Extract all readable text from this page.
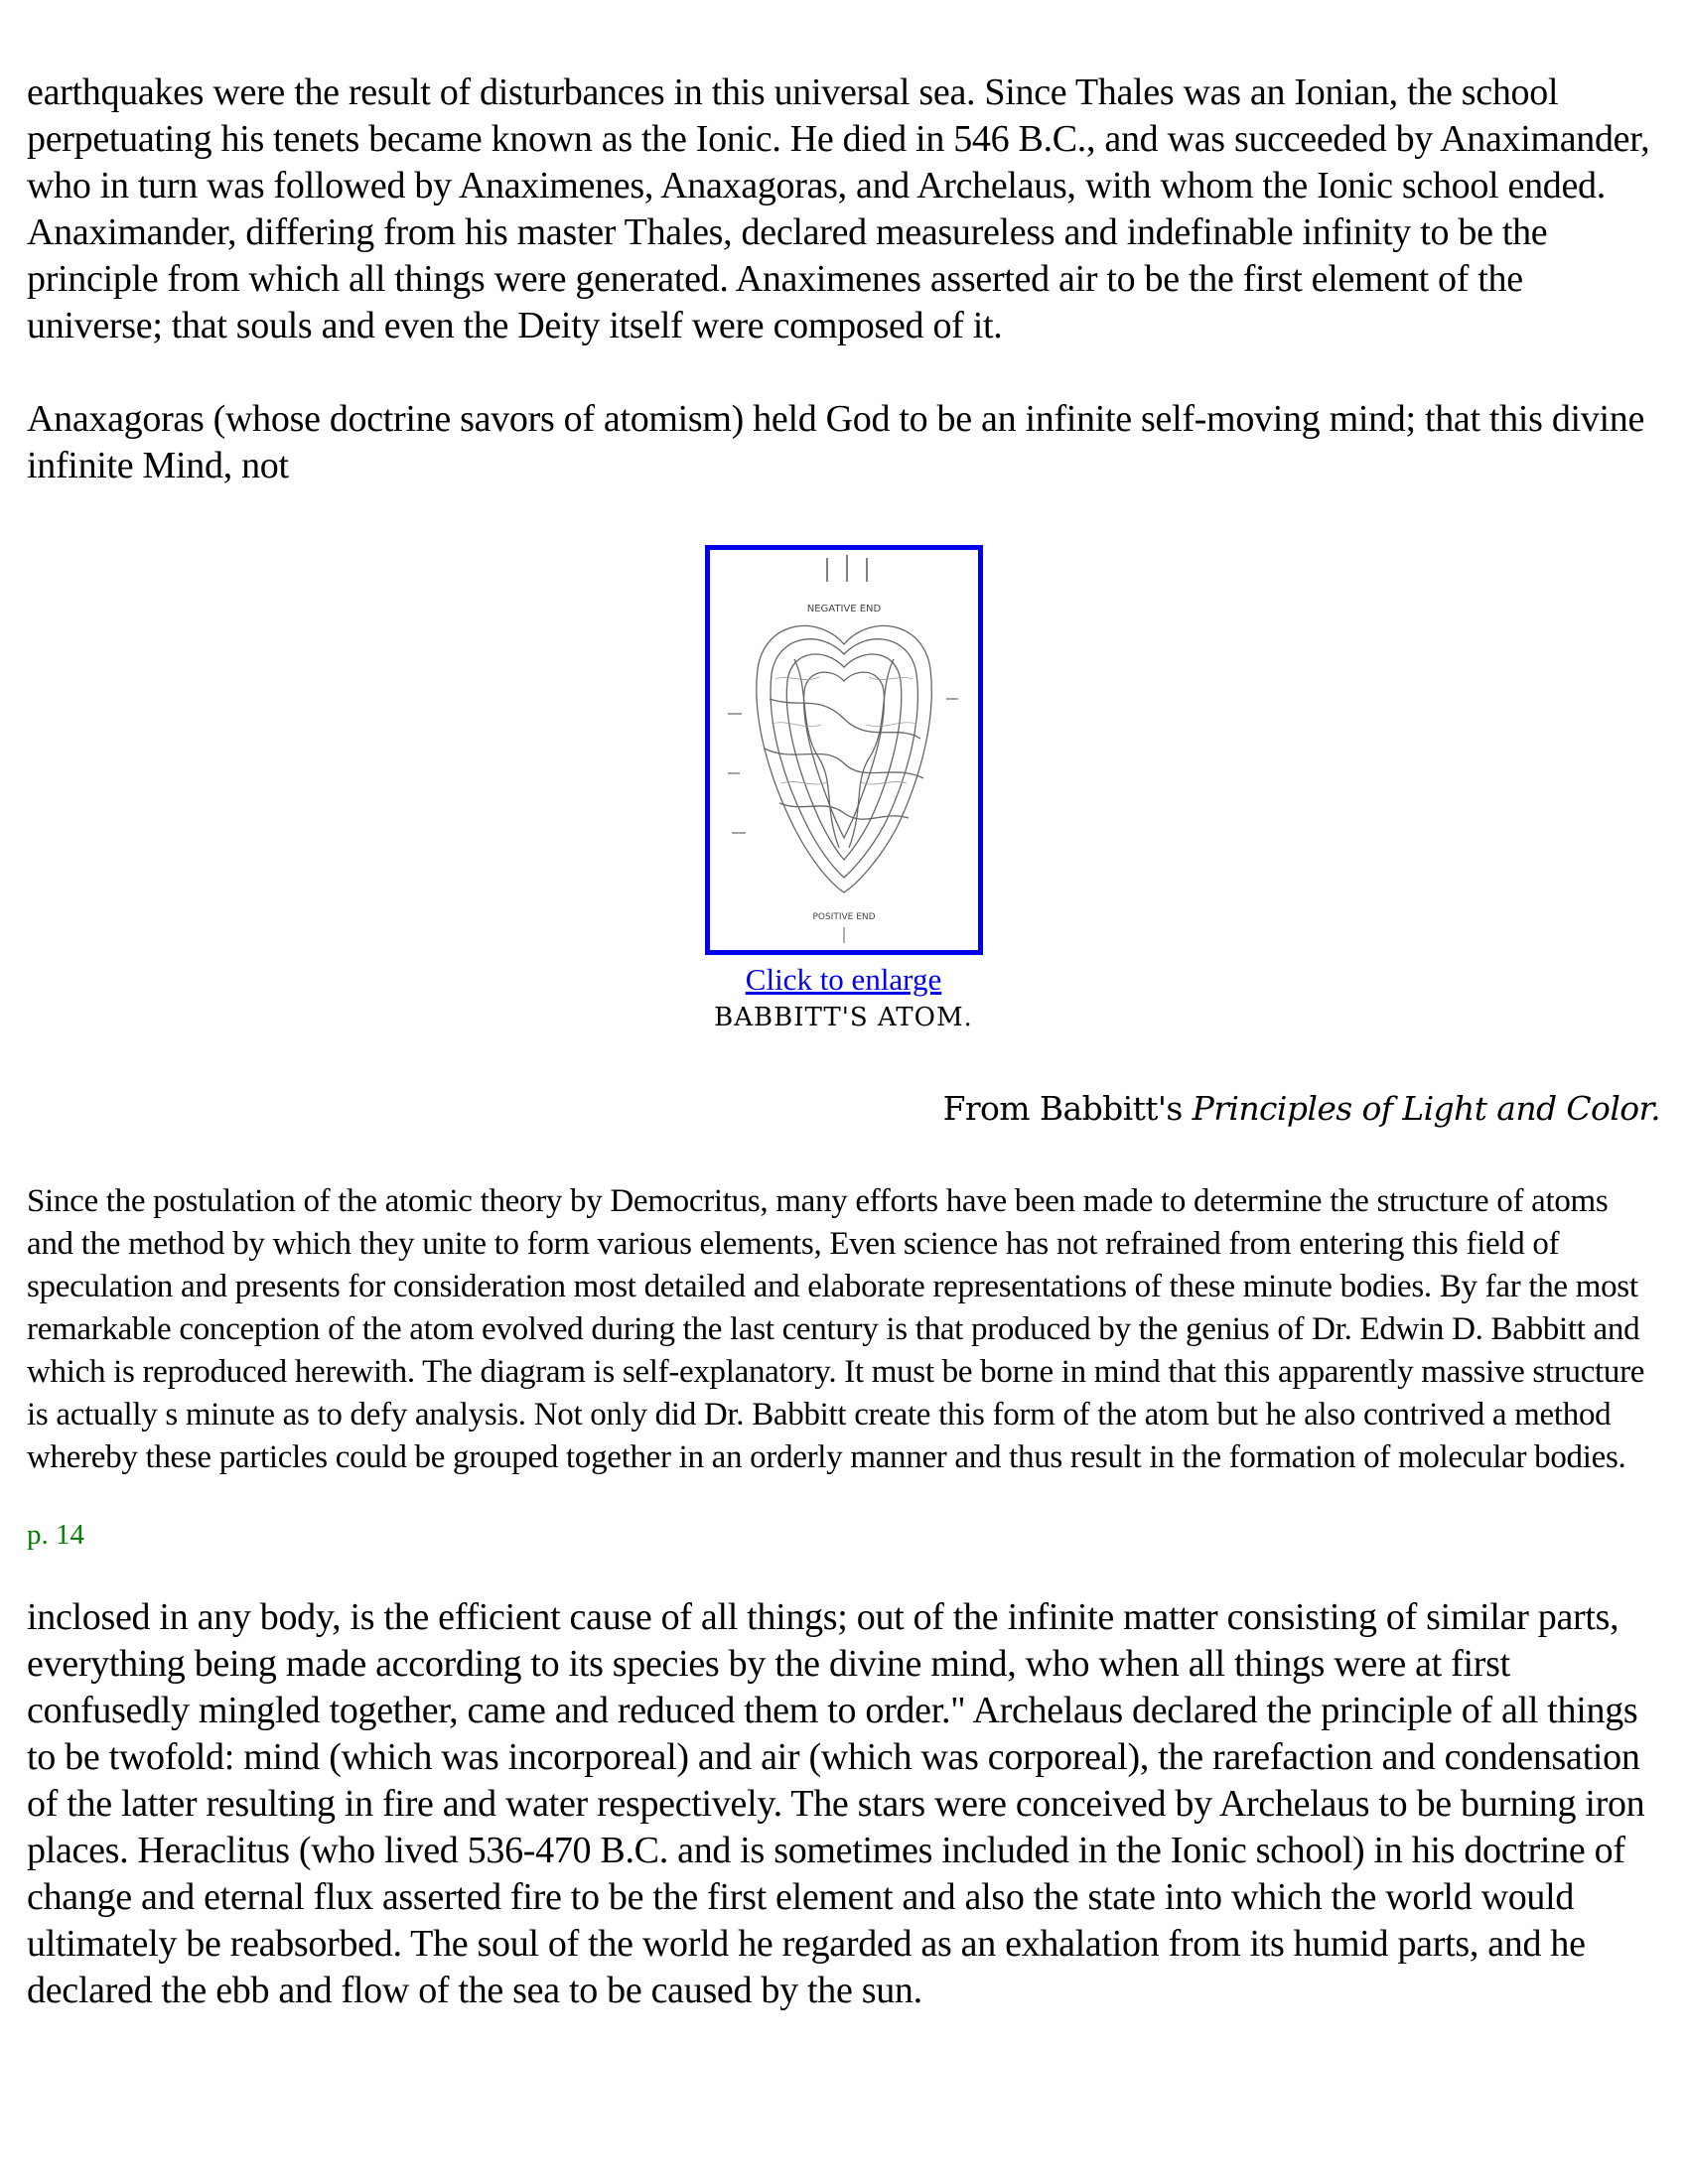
earthquakes were the result of disturbances in this universal sea. Since Thales was an Ionian, the school perpetuating his tenets became known as the Ionic. He died in 546 B.C., and was succeeded by Anaximander, who in turn was followed by Anaximenes, Anaxagoras, and Archelaus, with whom the Ionic school ended. Anaximander, differing from his master Thales, declared measureless and indefinable infinity to be the principle from which all things were generated. Anaximenes asserted air to be the first element of the universe; that souls and even the Deity itself were composed of it.

Anaxagoras (whose doctrine savors of atomism) held God to be an infinite self-moving mind; that this divine infinite Mind, not

NEGATIVE END
POSITIVE END
Click to enlarge
BABBITT'S ATOM.

From Babbitt's Principles of Light and Color.

Since the postulation of the atomic theory by Democritus, many efforts have been made to determine the structure of atoms and the method by which they unite to form various elements, Even science has not refrained from entering this field of speculation and presents for consideration most detailed and elaborate representations of these minute bodies. By far the most remarkable conception of the atom evolved during the last century is that produced by the genius of Dr. Edwin D. Babbitt and which is reproduced herewith. The diagram is self-explanatory. It must be borne in mind that this apparently massive structure is actually s minute as to defy analysis. Not only did Dr. Babbitt create this form of the atom but he also contrived a method whereby these particles could be grouped together in an orderly manner and thus result in the formation of molecular bodies.

p. 14

inclosed in any body, is the efficient cause of all things; out of the infinite matter consisting of similar parts, everything being made according to its species by the divine mind, who when all things were at first confusedly mingled together, came and reduced them to order." Archelaus declared the principle of all things to be twofold: mind (which was incorporeal) and air (which was corporeal), the rarefaction and condensation of the latter resulting in fire and water respectively. The stars were conceived by Archelaus to be burning iron places. Heraclitus (who lived 536-470 B.C. and is sometimes included in the Ionic school) in his doctrine of change and eternal flux asserted fire to be the first element and also the state into which the world would ultimately be reabsorbed. The soul of the world he regarded as an exhalation from its humid parts, and he declared the ebb and flow of the sea to be caused by the sun.
